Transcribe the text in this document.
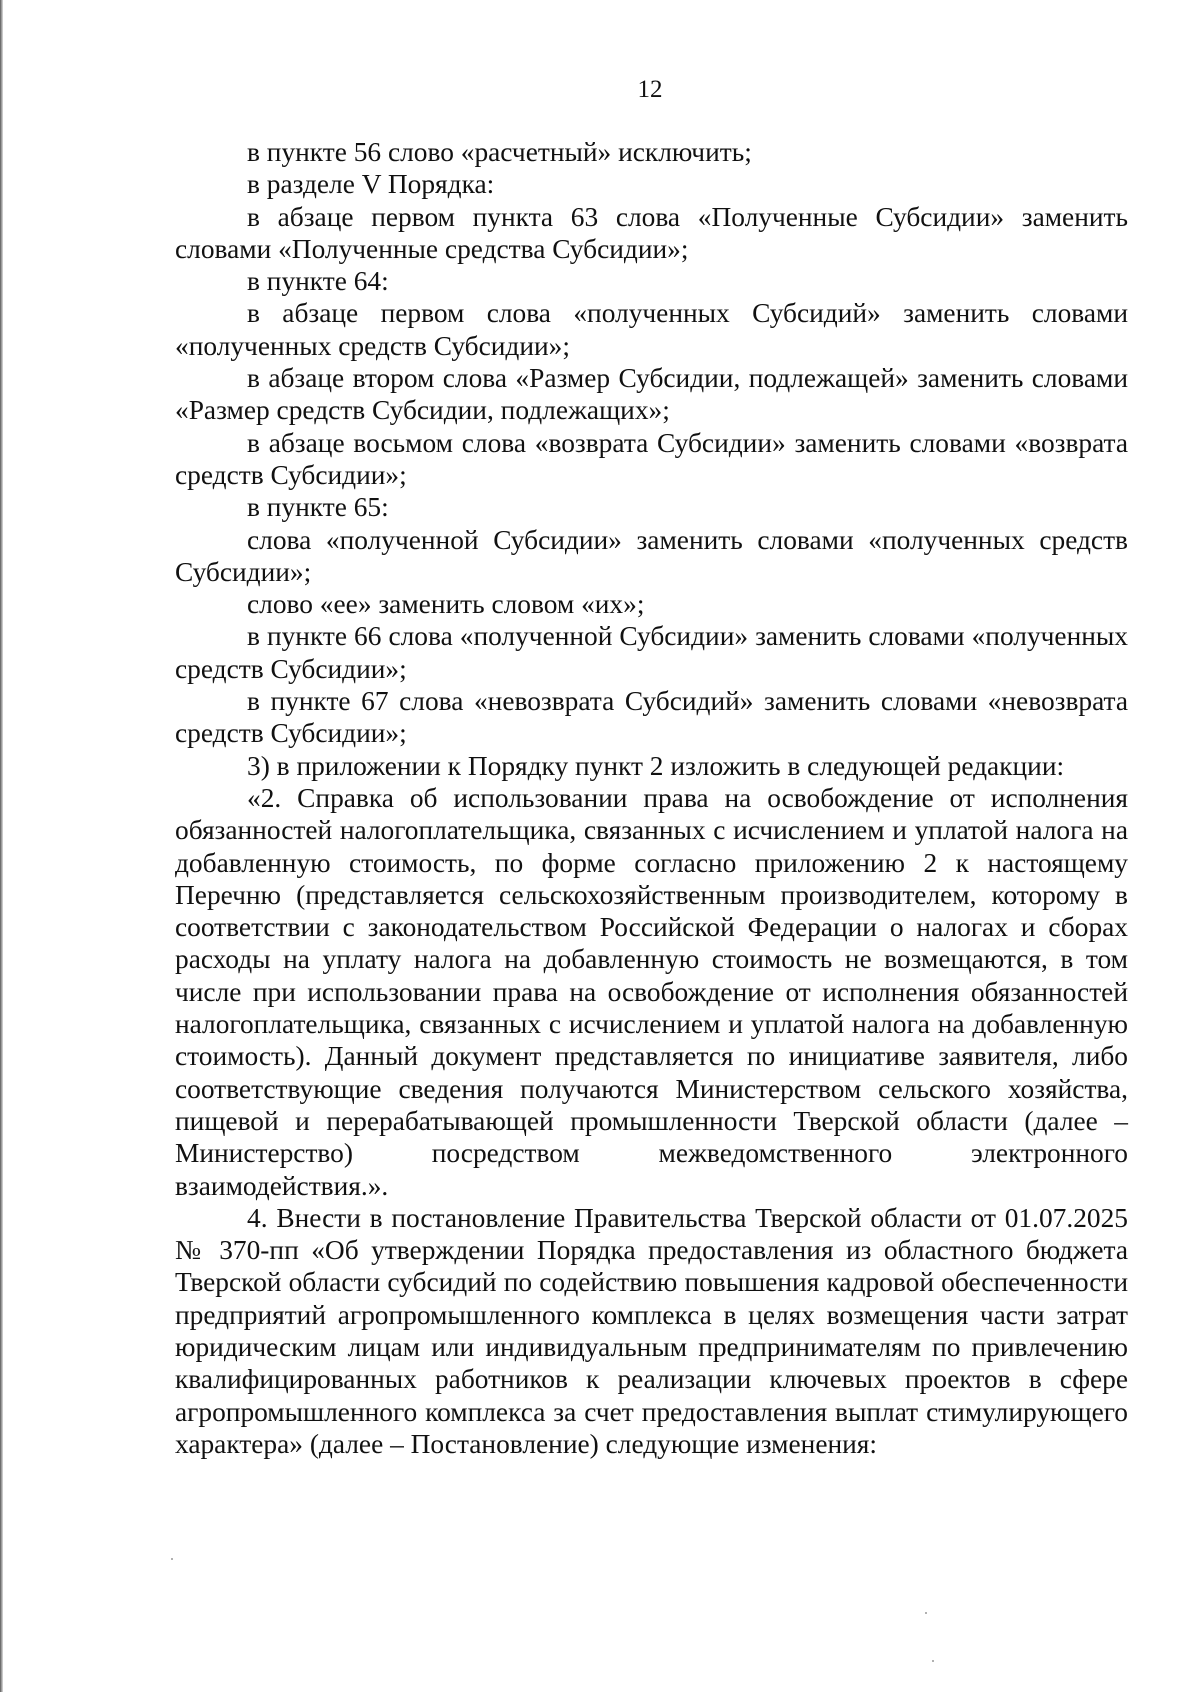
12

в пункте 56 слово «расчетный» исключить;

в разделе V Порядка:

в абзаце первом пункта 63 слова «Полученные Субсидии» заменить словами «Полученные средства Субсидии»;

в пункте 64:

в абзаце первом слова «полученных Субсидий» заменить словами «полученных средств Субсидии»;

в абзаце втором слова «Размер Субсидии, подлежащей» заменить словами «Размер средств Субсидии, подлежащих»;

в абзаце восьмом слова «возврата Субсидии» заменить словами «возврата средств Субсидии»;

в пункте 65:

слова «полученной Субсидии» заменить словами «полученных средств Субсидии»;

слово «ее» заменить словом «их»;

в пункте 66 слова «полученной Субсидии» заменить словами «полученных средств Субсидии»;

в пункте 67 слова «невозврата Субсидий» заменить словами «невозврата средств Субсидии»;

3) в приложении к Порядку пункт 2 изложить в следующей редакции:

«2. Справка об использовании права на освобождение от исполнения обязанностей налогоплательщика, связанных с исчислением и уплатой налога на добавленную стоимость, по форме согласно приложению 2 к настоящему Перечню (представляется сельскохозяйственным производителем, которому в соответствии с законодательством Российской Федерации о налогах и сборах расходы на уплату налога на добавленную стоимость не возмещаются, в том числе при использовании права на освобождение от исполнения обязанностей налогоплательщика, связанных с исчислением и уплатой налога на добавленную стоимость). Данный документ представляется по инициативе заявителя, либо соответствующие сведения получаются Министерством сельского хозяйства, пищевой и перерабатывающей промышленности Тверской области (далее – Министерство) посредством межведомственного электронного взаимодействия.».

4. Внести в постановление Правительства Тверской области от 01.07.2025 № 370-пп «Об утверждении Порядка предоставления из областного бюджета Тверской области субсидий по содействию повышения кадровой обеспеченности предприятий агропромышленного комплекса в целях возмещения части затрат юридическим лицам или индивидуальным предпринимателям по привлечению квалифицированных работников к реализации ключевых проектов в сфере агропромышленного комплекса за счет предоставления выплат стимулирующего характера» (далее – Постановление) следующие изменения:
